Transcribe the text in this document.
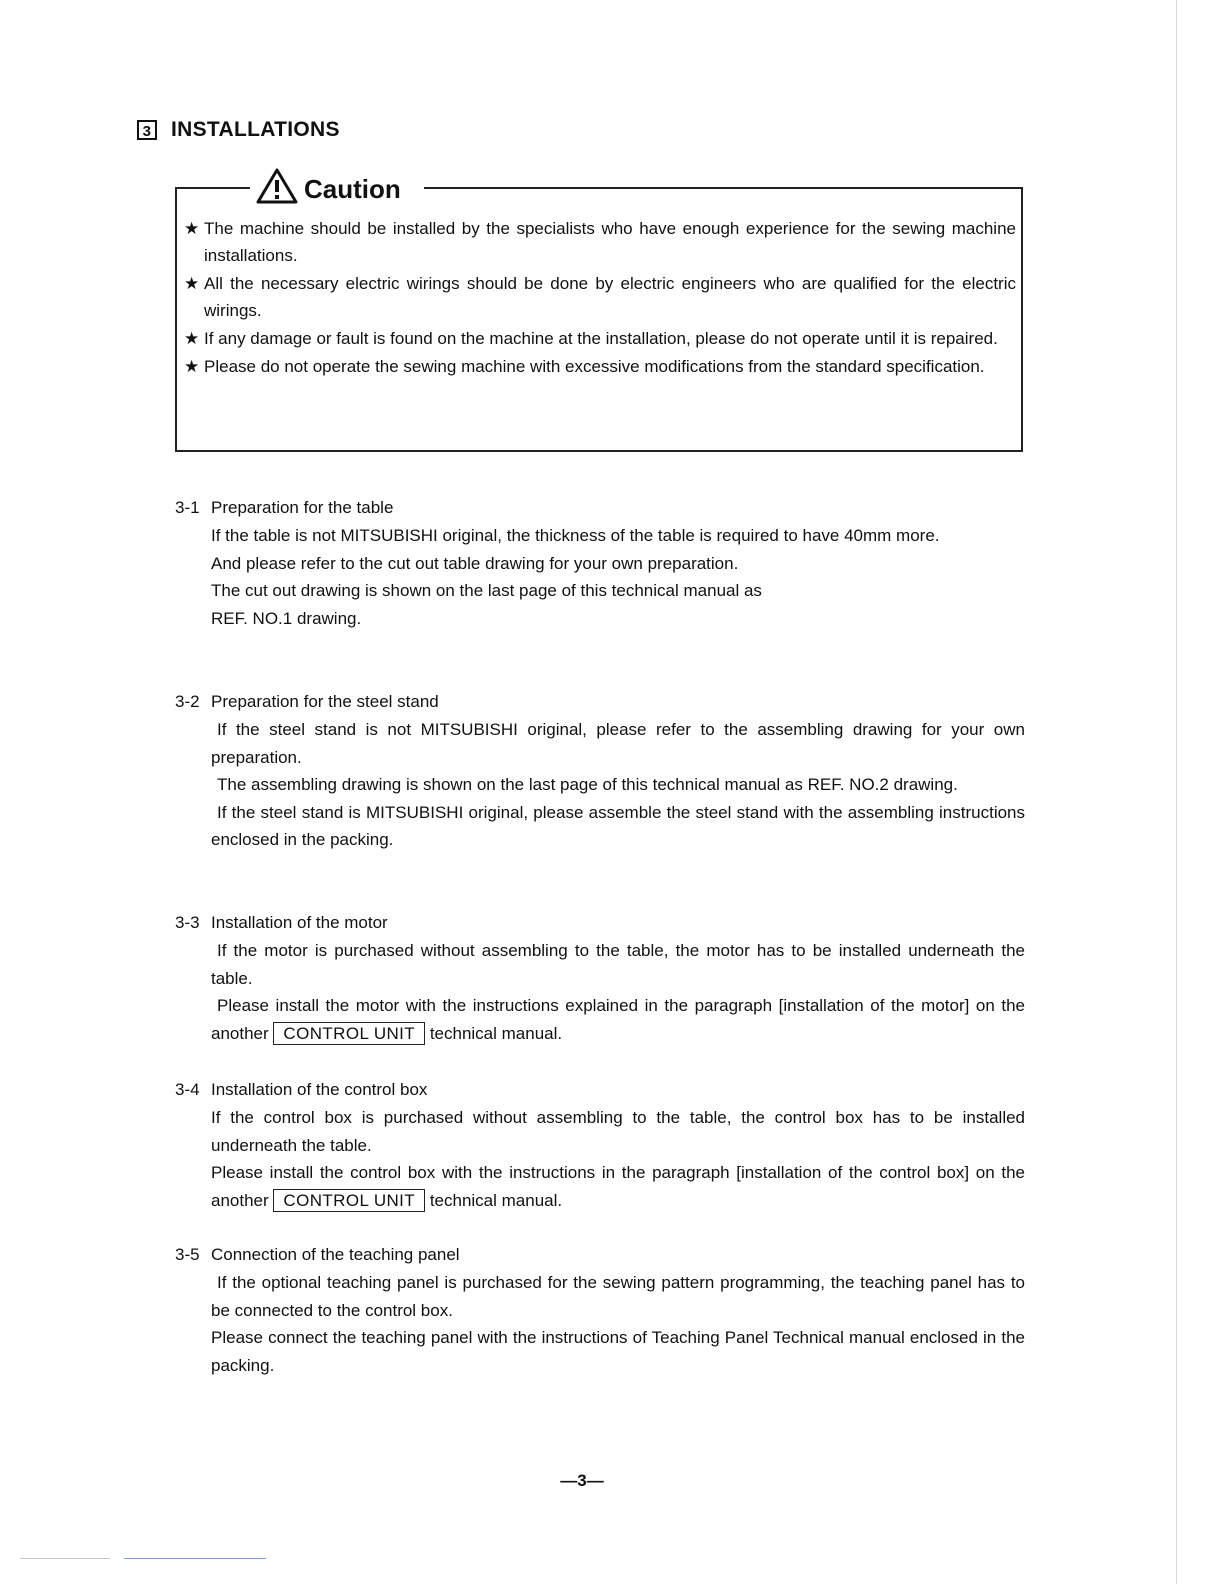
3 INSTALLATIONS
Caution
★ The machine should be installed by the specialists who have enough experience for the sewing machine installations.
★ All the necessary electric wirings should be done by electric engineers who are qualified for the electric wirings.
★ If any damage or fault is found on the machine at the installation, please do not operate until it is repaired.
★ Please do not operate the sewing machine with excessive modifications from the standard specification.

3-1 Preparation for the table

If the table is not MITSUBISHI original, the thickness of the table is required to have 40mm more.

And please refer to the cut out table drawing for your own preparation.

The cut out drawing is shown on the last page of this technical manual as

REF. NO.1 drawing.

3-2 Preparation for the steel stand

If the steel stand is not MITSUBISHI original, please refer to the assembling drawing for your own preparation.

The assembling drawing is shown on the last page of this technical manual as REF. NO.2 drawing.

If the steel stand is MITSUBISHI original, please assemble the steel stand with the assembling instructions enclosed in the packing.

3-3 Installation of the motor

If the motor is purchased without assembling to the table, the motor has to be installed underneath the table.

Please install the motor with the instructions explained in the paragraph [installation of the motor] on the another CONTROL UNIT technical manual.

3-4 Installation of the control box

If the control box is purchased without assembling to the table, the control box has to be installed underneath the table.

Please install the control box with the instructions in the paragraph [installation of the control box] on the another CONTROL UNIT technical manual.

3-5 Connection of the teaching panel

If the optional teaching panel is purchased for the sewing pattern programming, the teaching panel has to be connected to the control box.

Please connect the teaching panel with the instructions of Teaching Panel Technical manual enclosed in the packing.

—3—
